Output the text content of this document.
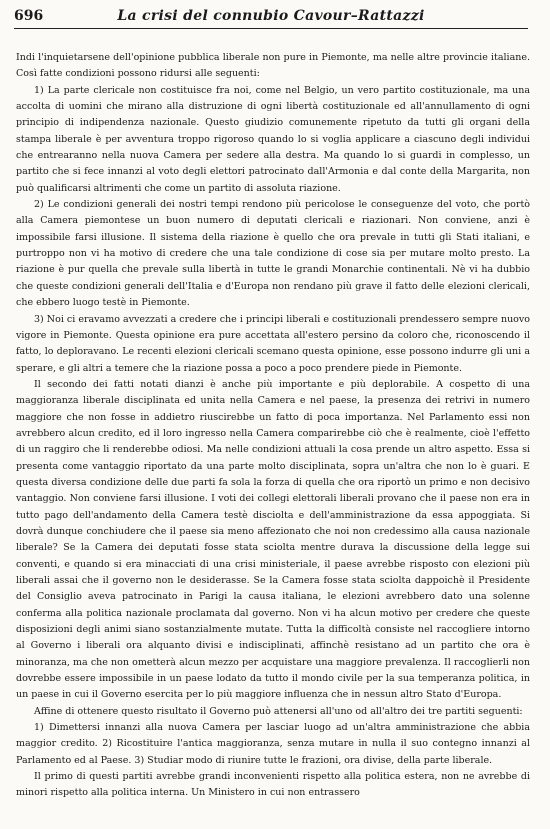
696	La crisi del connubio Cavour–Rattazzi

Indi l'inquietarsene dell'opinione pubblica liberale non pure in Piemonte, ma nelle altre provincie italiane. Così fatte condizioni possono ridursi alle seguenti:

1) La parte clericale non costituisce fra noi, come nel Belgio, un vero partito costituzionale, ma una accolta di uomini che mirano alla distruzione di ogni libertà costituzionale ed all'annullamento di ogni principio di indipendenza nazionale. Questo giudizio comunemente ripetuto da tutti gli organi della stampa liberale è per avventura troppo rigoroso quando lo si voglia applicare a ciascuno degli individui che entrearanno nella nuova Camera per sedere alla destra. Ma quando lo si guardi in complesso, un partito che si fece innanzi al voto degli elettori patrocinato dall'Armonia e dal conte della Margarita, non può qualificarsi altrimenti che come un partito di assoluta riazione.

2) Le condizioni generali dei nostri tempi rendono più pericolose le conseguenze del voto, che portò alla Camera piemontese un buon numero di deputati clericali e riazionari. Non conviene, anzi è impossibile farsi illusione. Il sistema della riazione è quello che ora prevale in tutti gli Stati italiani, e purtroppo non vi ha motivo di credere che una tale condizione di cose sia per mutare molto presto. La riazione è pur quella che prevale sulla libertà in tutte le grandi Monarchie continentali. Nè vi ha dubbio che queste condizioni generali dell'Italia e d'Europa non rendano più grave il fatto delle elezioni clericali, che ebbero luogo testè in Piemonte.

3) Noi ci eravamo avvezzati a credere che i principi liberali e costituzionali prendessero sempre nuovo vigore in Piemonte. Questa opinione era pure accettata all'estero persino da coloro che, riconoscendo il fatto, lo deploravano. Le recenti elezioni clericali scemano questa opinione, esse possono indurre gli uni a sperare, e gli altri a temere che la riazione possa a poco a poco prendere piede in Piemonte.

Il secondo dei fatti notati dianzi è anche più importante e più deplorabile. A cospetto di una maggioranza liberale disciplinata ed unita nella Camera e nel paese, la presenza dei retrivi in numero maggiore che non fosse in addietro riuscirebbe un fatto di poca importanza. Nel Parlamento essi non avrebbero alcun credito, ed il loro ingresso nella Camera comparirebbe ciò che è realmente, cioè l'effetto di un raggiro che li renderebbe odiosi. Ma nelle condizioni attuali la cosa prende un altro aspetto. Essa si presenta come vantaggio riportato da una parte molto disciplinata, sopra un'altra che non lo è guari. E questa diversa condizione delle due parti fa sola la forza di quella che ora riportò un primo e non decisivo vantaggio. Non conviene farsi illusione. I voti dei collegi elettorali liberali provano che il paese non era in tutto pago dell'andamento della Camera testè disciolta e dell'amministrazione da essa appoggiata. Si dovrà dunque conchiudere che il paese sia meno affezionato che noi non credessimo alla causa nazionale liberale? Se la Camera dei deputati fosse stata sciolta mentre durava la discussione della legge sui conventi, e quando si era minacciati di una crisi ministeriale, il paese avrebbe risposto con elezioni più liberali assai che il governo non le desiderasse. Se la Camera fosse stata sciolta dappoichè il Presidente del Consiglio aveva patrocinato in Parigi la causa italiana, le elezioni avrebbero dato una solenne conferma alla politica nazionale proclamata dal governo. Non vi ha alcun motivo per credere che queste disposizioni degli animi siano sostanzialmente mutate. Tutta la difficoltà consiste nel raccogliere intorno al Governo i liberali ora alquanto divisi e indisciplinati, affinchè resistano ad un partito che ora è minoranza, ma che non ometterà alcun mezzo per acquistare una maggiore prevalenza. Il raccoglierli non dovrebbe essere impossibile in un paese lodato da tutto il mondo civile per la sua temperanza politica, in un paese in cui il Governo esercita per lo più maggiore influenza che in nessun altro Stato d'Europa.

Affine di ottenere questo risultato il Governo può attenersi all'uno od all'altro dei tre partiti seguenti:

1) Dimettersi innanzi alla nuova Camera per lasciar luogo ad un'altra amministrazione che abbia maggior credito. 2) Ricostituire l'antica maggioranza, senza mutare in nulla il suo contegno innanzi al Parlamento ed al Paese. 3) Studiar modo di riunire tutte le frazioni, ora divise, della parte liberale.

Il primo di questi partiti avrebbe grandi inconvenienti rispetto alla politica estera, non ne avrebbe di minori rispetto alla politica interna. Un Ministero in cui non entrassero
